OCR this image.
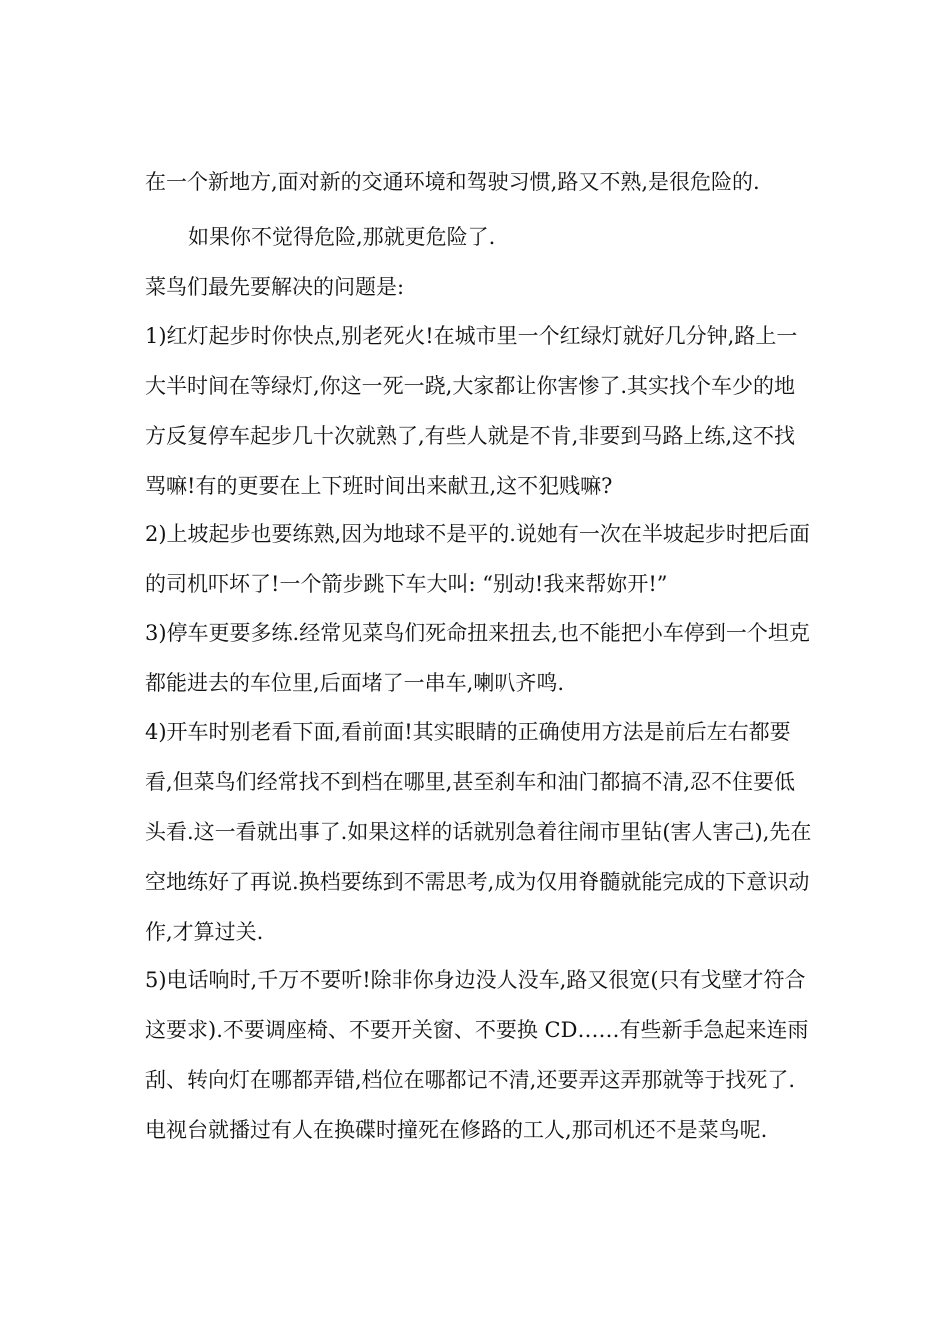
在一个新地方,面对新的交通环境和驾驶习惯,路又不熟,是很危险的.

如果你不觉得危险,那就更危险了.

菜鸟们最先要解决的问题是:

1)红灯起步时你快点,别老死火!在城市里一个红绿灯就好几分钟,路上一大半时间在等绿灯,你这一死一跷,大家都让你害惨了.其实找个车少的地方反复停车起步几十次就熟了,有些人就是不肯,非要到马路上练,这不找骂嘛!有的更要在上下班时间出来献丑,这不犯贱嘛?

2)上坡起步也要练熟,因为地球不是平的.说她有一次在半坡起步时把后面的司机吓坏了!一个箭步跳下车大叫: “别动!我来帮妳开!”

3)停车更要多练.经常见菜鸟们死命扭来扭去,也不能把小车停到一个坦克都能进去的车位里,后面堵了一串车,喇叭齐鸣.

4)开车时别老看下面,看前面!其实眼睛的正确使用方法是前后左右都要看,但菜鸟们经常找不到档在哪里,甚至刹车和油门都搞不清,忍不住要低头看.这一看就出事了.如果这样的话就别急着往闹市里钻(害人害己),先在空地练好了再说.换档要练到不需思考,成为仅用脊髓就能完成的下意识动作,才算过关.

5)电话响时,千万不要听!除非你身边没人没车,路又很宽(只有戈壁才符合这要求).不要调座椅、不要开关窗、不要换 CD……有些新手急起来连雨刮、转向灯在哪都弄错,档位在哪都记不清,还要弄这弄那就等于找死了.电视台就播过有人在换碟时撞死在修路的工人,那司机还不是菜鸟呢.
